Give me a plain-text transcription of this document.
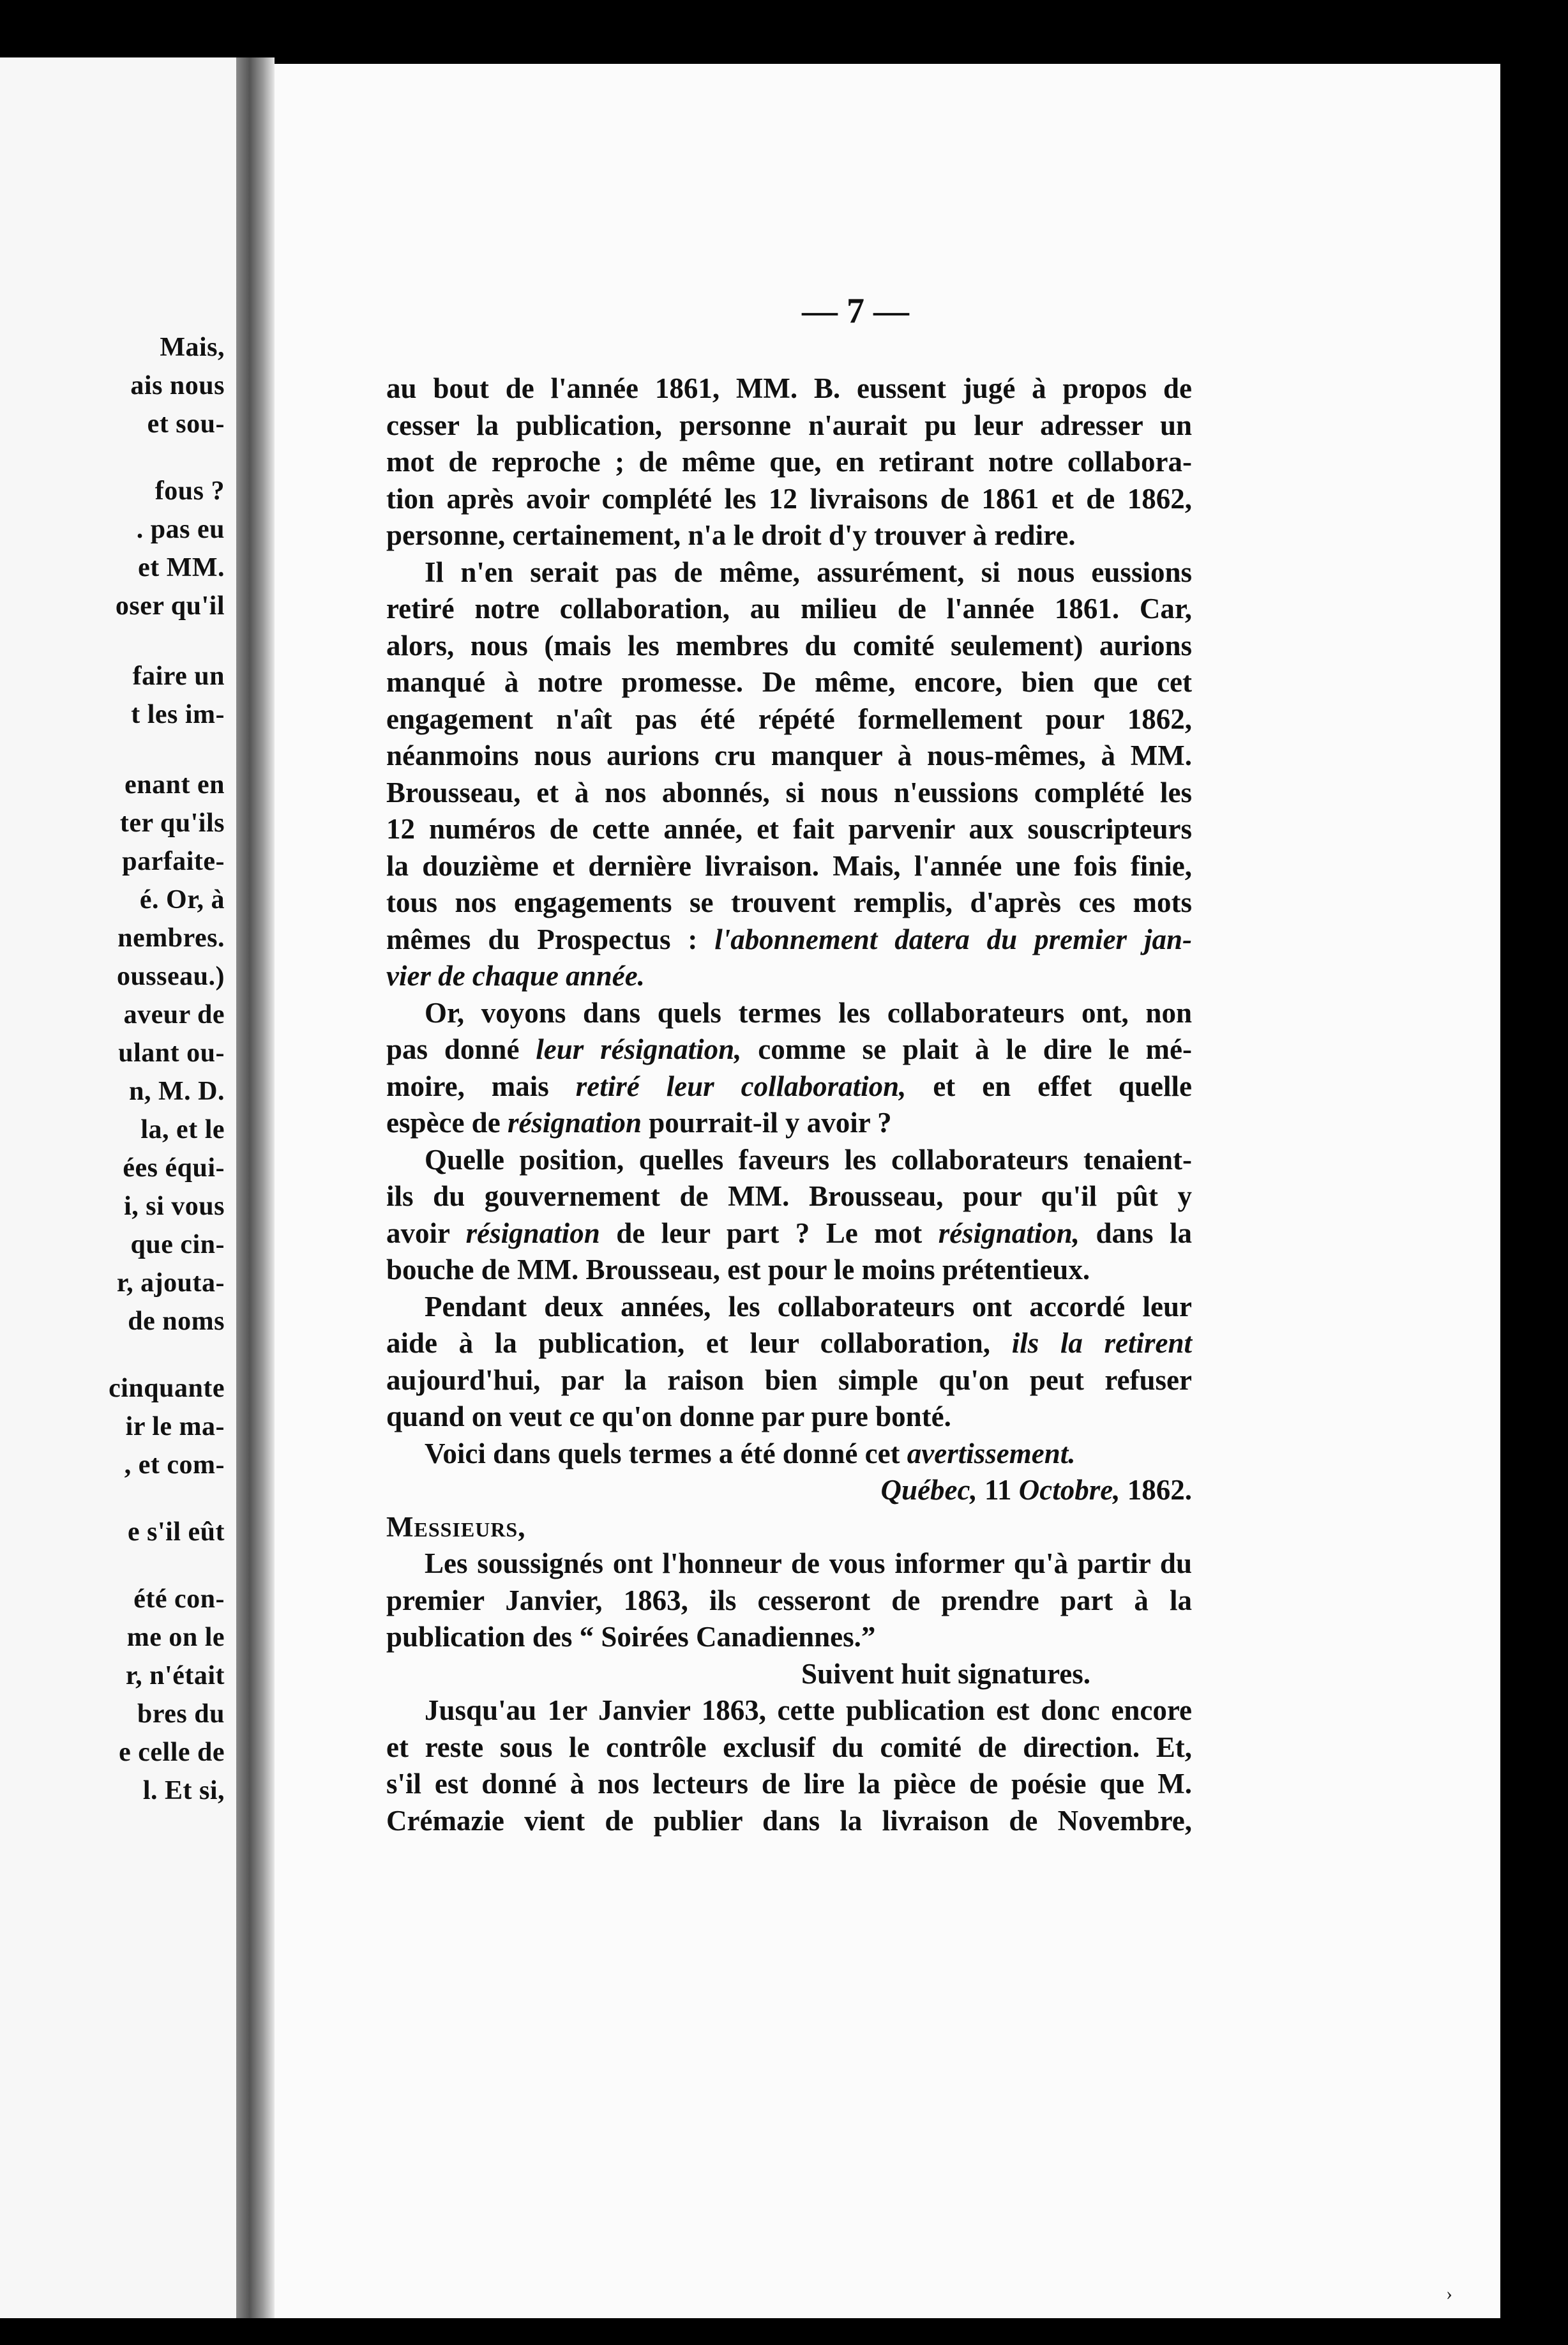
Mais,
ais nous
et sou-
fous ?
. pas eu
et MM.
oser qu'il
faire un
t les im-
enant en
ter qu'ils
parfaite-
é. Or, à
nembres.
ousseau.)
aveur de
ulant ou-
n, M. D.
la, et le
ées équi-
i, si vous
que cin-
r, ajouta-
de noms
cinquante
ir le ma-
, et com-
e s'il eût
été con-
me on le
r, n'était
bres du
e celle de
l. Et si,
— 7 —
au bout de l'année 1861, MM. B. eussent jugé à propos de
cesser la publication, personne n'aurait pu leur adresser un
mot de reproche ; de même que, en retirant notre collabora-
tion après avoir complété les 12 livraisons de 1861 et de 1862,
personne, certainement, n'a le droit d'y trouver à redire.
Il n'en serait pas de même, assurément, si nous eussions
retiré notre collaboration, au milieu de l'année 1861. Car,
alors, nous (mais les membres du comité seulement) aurions
manqué à notre promesse. De même, encore, bien que cet
engagement n'aît pas été répété formellement pour 1862,
néanmoins nous aurions cru manquer à nous-mêmes, à MM.
Brousseau, et à nos abonnés, si nous n'eussions complété les
12 numéros de cette année, et fait parvenir aux souscripteurs
la douzième et dernière livraison. Mais, l'année une fois finie,
tous nos engagements se trouvent remplis, d'après ces mots
mêmes du Prospectus : l'abonnement datera du premier jan-
vier de chaque année.
Or, voyons dans quels termes les collaborateurs ont, non
pas donné leur résignation, comme se plait à le dire le mé-
moire, mais retiré leur collaboration, et en effet quelle
espèce de résignation pourrait-il y avoir ?
Quelle position, quelles faveurs les collaborateurs tenaient-
ils du gouvernement de MM. Brousseau, pour qu'il pût y
avoir résignation de leur part ? Le mot résignation, dans la
bouche de MM. Brousseau, est pour le moins prétentieux.
Pendant deux années, les collaborateurs ont accordé leur
aide à la publication, et leur collaboration, ils la retirent
aujourd'hui, par la raison bien simple qu'on peut refuser
quand on veut ce qu'on donne par pure bonté.
Voici dans quels termes a été donné cet avertissement.
Québec, 11 Octobre, 1862.
Messieurs,
Les soussignés ont l'honneur de vous informer qu'à partir du
premier Janvier, 1863, ils cesseront de prendre part à la
publication des “ Soirées Canadiennes.”
Suivent huit signatures.
Jusqu'au 1er Janvier 1863, cette publication est donc encore
et reste sous le contrôle exclusif du comité de direction. Et,
s'il est donné à nos lecteurs de lire la pièce de poésie que M.
Crémazie vient de publier dans la livraison de Novembre,
›
